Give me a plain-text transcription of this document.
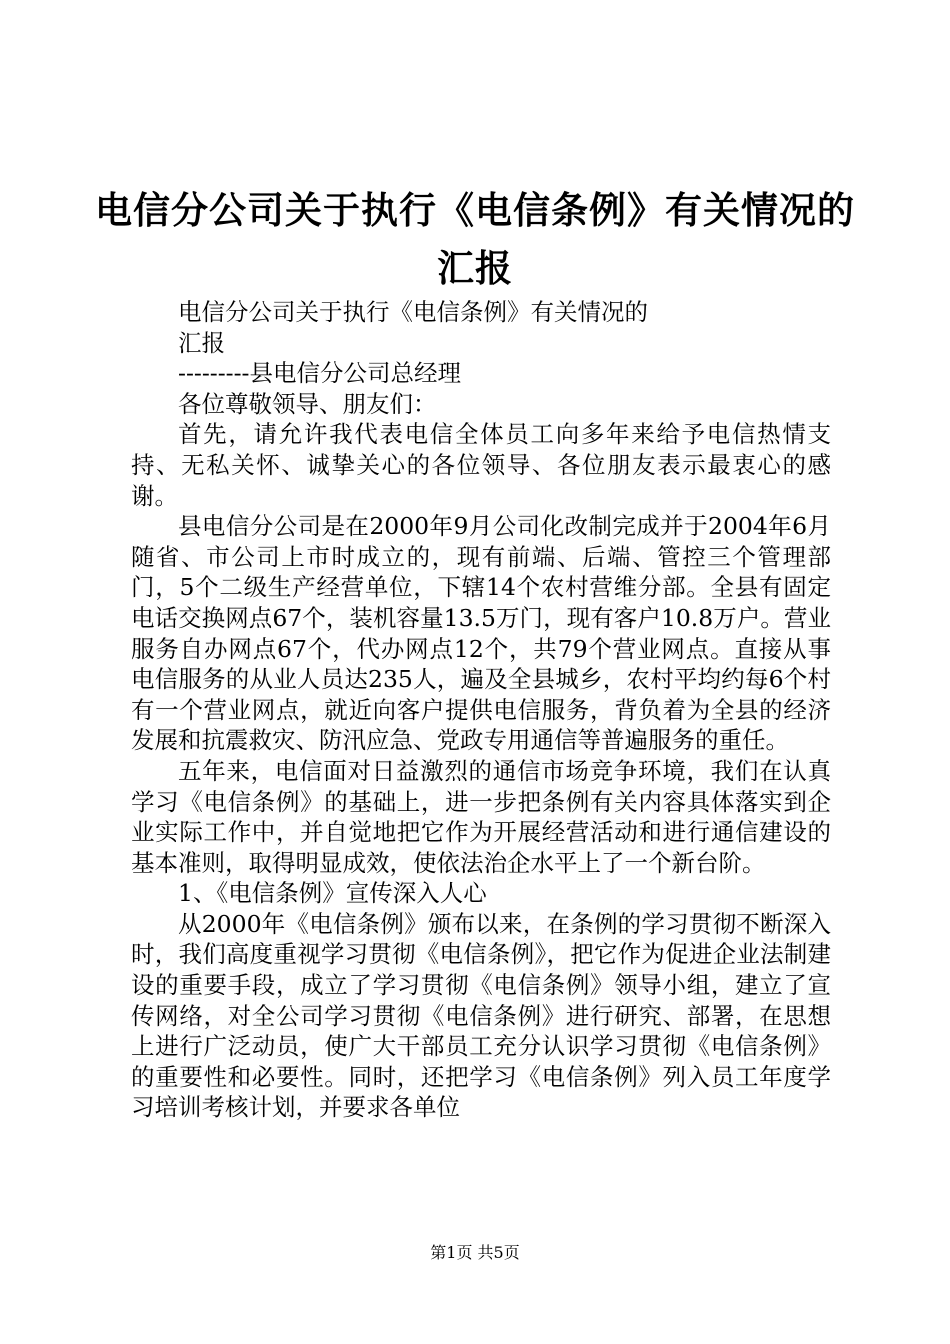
电信分公司关于执行《电信条例》有关情况的
汇报

电信分公司关于执行《电信条例》有关情况的

汇报

---------县电信分公司总经理

各位尊敬领导、朋友们：

首先，请允许我代表电信全体员工向多年来给予电信热情支持、无私关怀、诚挚关心的各位领导、各位朋友表示最衷心的感谢。

县电信分公司是在2000年9月公司化改制完成并于2004年6月随省、市公司上市时成立的，现有前端、后端、管控三个管理部门，5个二级生产经营单位，下辖14个农村营维分部。全县有固定电话交换网点67个，装机容量13.5万门，现有客户10.8万户。营业服务自办网点67个，代办网点12个，共79个营业网点。直接从事电信服务的从业人员达235人，遍及全县城乡，农村平均约每6个村有一个营业网点，就近向客户提供电信服务，背负着为全县的经济发展和抗震救灾、防汛应急、党政专用通信等普遍服务的重任。

五年来，电信面对日益激烈的通信市场竞争环境，我们在认真学习《电信条例》的基础上，进一步把条例有关内容具体落实到企业实际工作中，并自觉地把它作为开展经营活动和进行通信建设的基本准则，取得明显成效，使依法治企水平上了一个新台阶。

1、《电信条例》宣传深入人心

从2000年《电信条例》颁布以来，在条例的学习贯彻不断深入时，我们高度重视学习贯彻《电信条例》，把它作为促进企业法制建设的重要手段，成立了学习贯彻《电信条例》领导小组，建立了宣传网络，对全公司学习贯彻《电信条例》进行研究、部署，在思想上进行广泛动员，使广大干部员工充分认识学习贯彻《电信条例》的重要性和必要性。同时，还把学习《电信条例》列入员工年度学习培训考核计划，并要求各单位

第1页 共5页
